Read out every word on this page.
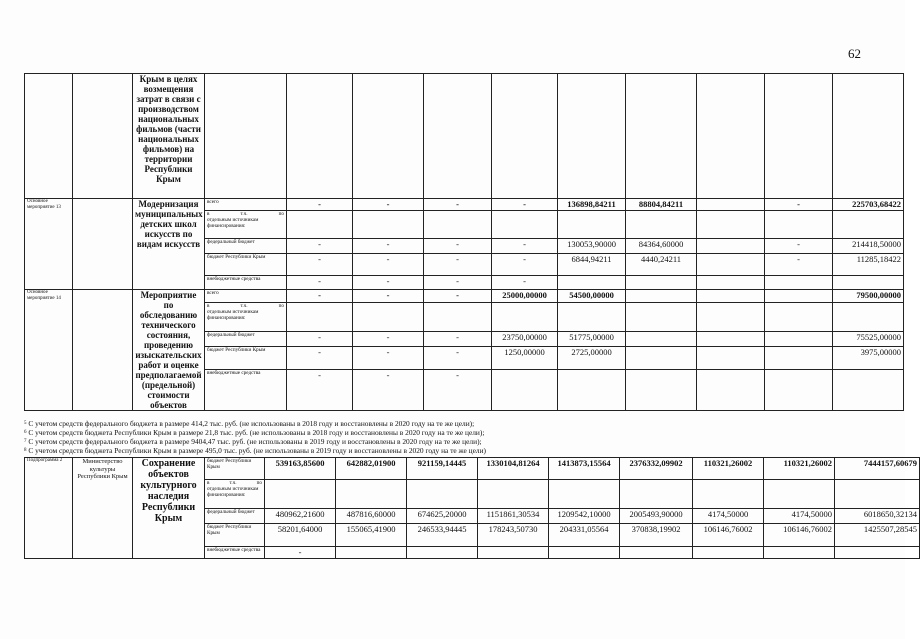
62
		Крым в целях возмещения затрат в связи с производством национальных фильмов (части национальных фильмов) на территории Республики Крым										
Основное мероприятие 13		Модернизация муниципальных детских школ искусств по видам искусств	всего	-	-	-	-	136898,84211	88804,84211		-	225703,68422

			в т.ч. по
отдельным источникам финансирования:									

			федеральный бюджет	-	-	-	-	130053,90000	84364,60000		-	214418,50000
			бюджет Республики Крым	-	-	-	-	6844,94211	4440,24211		-	11285,18422
			внебюджетные средства	-	-	-	-					
Основное мероприятие 14		Мероприятие по обследованию технического состояния, проведению изыскательских работ и оценке предполагаемой (предельной) стоимости объектов	всего	-	-	-	25000,00000	54500,00000				79500,00000

			в т.ч. по
отдельным источникам финансирования:									

			федеральный бюджет	-	-	-	23750,00000	51775,00000				75525,00000
			бюджет Республики Крым	-	-	-	1250,00000	2725,00000				3975,00000
			внебюджетные средства	-	-	-						
$^5$ С учетом средств федерального бюджета в размере 414,2 тыс. руб. (не использованы в 2018 году и восстановлены в 2020 году на те же цели);
$^6$ С учетом средств бюджета Республики Крым в размере 21,8 тыс. руб. (не использованы в 2018 году и восстановлены в 2020 году на те же цели);
$^7$ С учетом средств федерального бюджета в размере 9404,47 тыс. руб. (не использованы в 2019 году и восстановлены в 2020 году на те же цели);
$^8$ С учетом средств бюджета Республики Крым в размере 495,0 тыс. руб. (не использованы в 2019 году и восстановлены в 2020 году на те же цели)
Подпрограмма 2	Министерство культуры Республики Крым	Сохранение объектов культурного наследия Республики Крым	бюджет Республики Крым	539163,85600	642882,01900	921159,14445	1330104,81264	1413873,15564	2376332,09902	110321,26002	110321,26002	7444157,60679

			в т.ч. по
отдельным источникам финансирования:									

			федеральный бюджет	480962,21600	487816,60000	674625,20000	1151861,30534	1209542,10000	2005493,90000	4174,50000	4174,50000	6018650,32134
			бюджет Республики Крым	58201,64000	155065,41900	246533,94445	178243,50730	204331,05564	370838,19902	106146,76002	106146,76002	1425507,28545
			внебюджетные средства	-								
